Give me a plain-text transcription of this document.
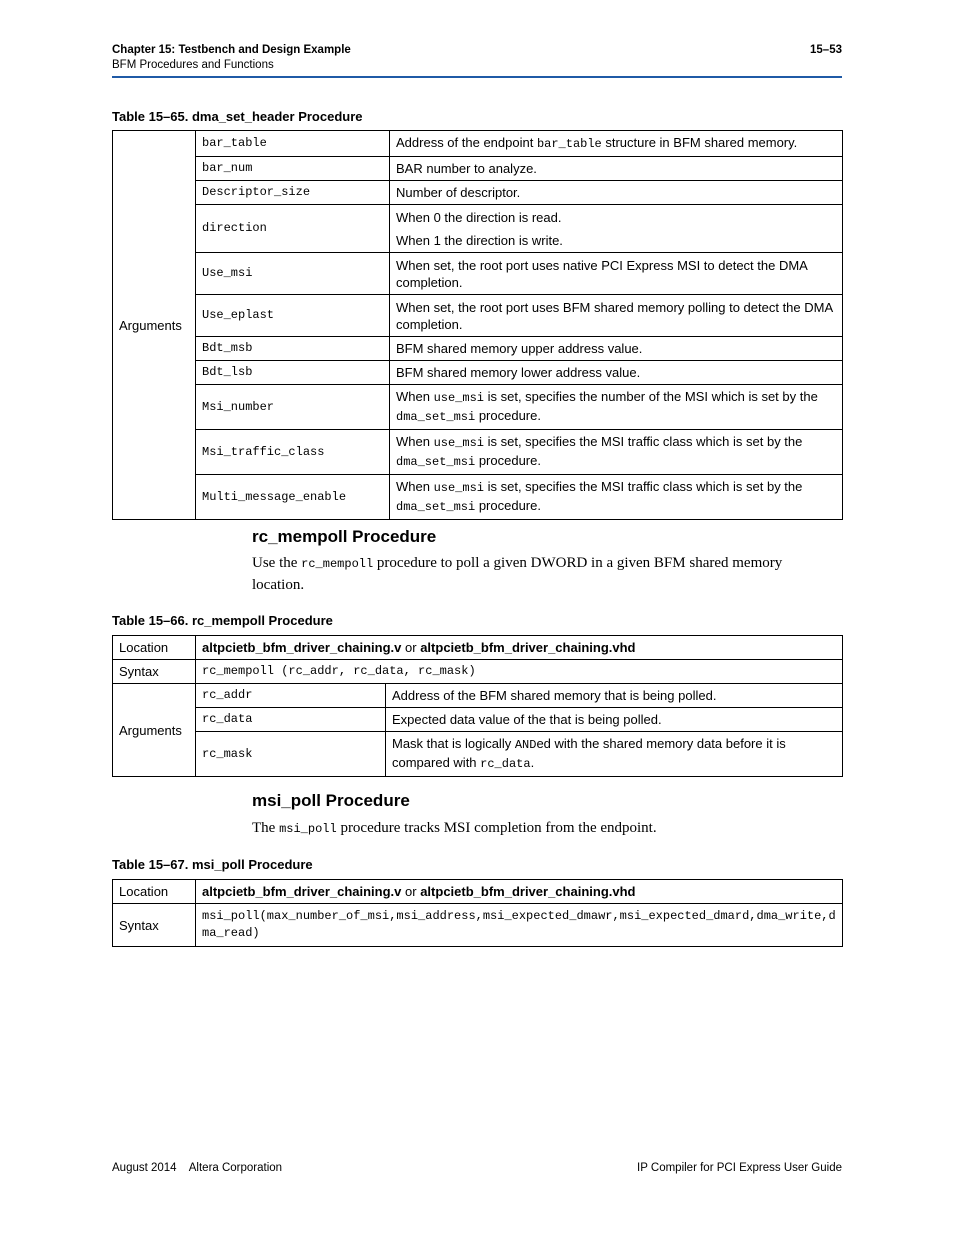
Chapter 15: Testbench and Design Example
BFM Procedures and Functions
15–53
Table 15–65. dma_set_header Procedure
Arguments	bar_table	Address of the endpoint bar_table structure in BFM shared memory.
	bar_num	BAR number to analyze.
	Descriptor_size	Number of descriptor.
	direction	When 0 the direction is read.

When 1 the direction is write.

	Use_msi	When set, the root port uses native PCI Express MSI to detect the DMA completion.
	Use_eplast	When set, the root port uses BFM shared memory polling to detect the DMA completion.
	Bdt_msb	BFM shared memory upper address value.
	Bdt_lsb	BFM shared memory lower address value.
	Msi_number	When use_msi is set, specifies the number of the MSI which is set by the dma_set_msi procedure.
	Msi_traffic_class	When use_msi is set, specifies the MSI traffic class which is set by the dma_set_msi procedure.
	Multi_message_enable	When use_msi is set, specifies the MSI traffic class which is set by the dma_set_msi procedure.
rc_mempoll Procedure
Use the rc_mempoll procedure to poll a given DWORD in a given BFM shared memory location.
Table 15–66. rc_mempoll Procedure
Location	altpcietb_bfm_driver_chaining.v or altpcietb_bfm_driver_chaining.vhd	
Syntax	rc_mempoll (rc_addr, rc_data, rc_mask)	
Arguments	rc_addr	Address of the BFM shared memory that is being polled.
	rc_data	Expected data value of the that is being polled.
	rc_mask	Mask that is logically ANDed with the shared memory data before it is compared with rc_data.
msi_poll Procedure
The msi_poll procedure tracks MSI completion from the endpoint.
Table 15–67. msi_poll Procedure
Location	altpcietb_bfm_driver_chaining.v or altpcietb_bfm_driver_chaining.vhd
Syntax	msi_poll(max_number_of_msi,msi_address,msi_expected_dmawr,msi_expected_dmard,dma_write,dma_read)
August 2014 Altera Corporation	IP Compiler for PCI Express User Guide
